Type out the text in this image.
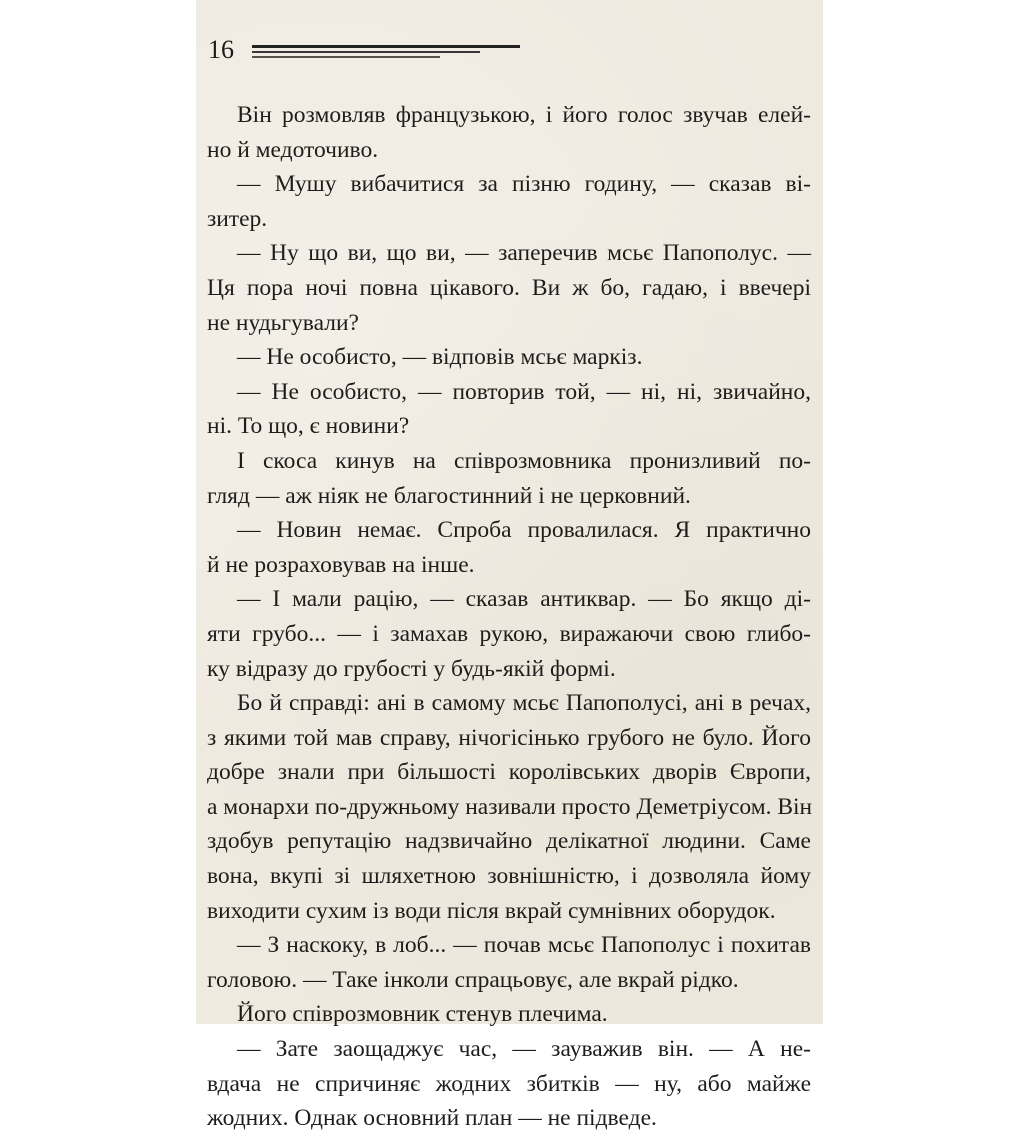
16
Він розмовляв французькою, і його голос звучав елей-
но й медоточиво.
— Мушу вибачитися за пізню годину, — сказав ві-
зитер.
— Ну що ви, що ви, — заперечив мсьє Папополус. —
Ця пора ночі повна цікавого. Ви ж бо, гадаю, і ввечері
не нудьгували?
— Не особисто, — відповів мсьє маркіз.
— Не особисто, — повторив той, — ні, ні, звичайно,
ні. То що, є новини?
І скоса кинув на співрозмовника пронизливий по-
гляд — аж ніяк не благостинний і не церковний.
— Новин немає. Спроба провалилася. Я практично
й не розраховував на інше.
— І мали рацію, — сказав антиквар. — Бо якщо ді-
яти грубо... — і замахав рукою, виражаючи свою глибо-
ку відразу до грубості у будь-якій формі.
Бо й справді: ані в самому мсьє Папополусі, ані в речах,
з якими той мав справу, нічогісінько грубого не було. Його
добре знали при більшості королівських дворів Європи,
а монархи по-дружньому називали просто Деметріусом. Він
здобув репутацію надзвичайно делікатної людини. Саме
вона, вкупі зі шляхетною зовнішністю, і дозволяла йому
виходити сухим із води після вкрай сумнівних оборудок.
— З наскоку, в лоб... — почав мсьє Папополус і похитав
головою. — Таке інколи спрацьовує, але вкрай рідко.
Його співрозмовник стенув плечима.
— Зате заощаджує час, — зауважив він. — А не-
вдача не спричиняє жодних збитків — ну, або майже
жодних. Однак основний план — не підведе.
